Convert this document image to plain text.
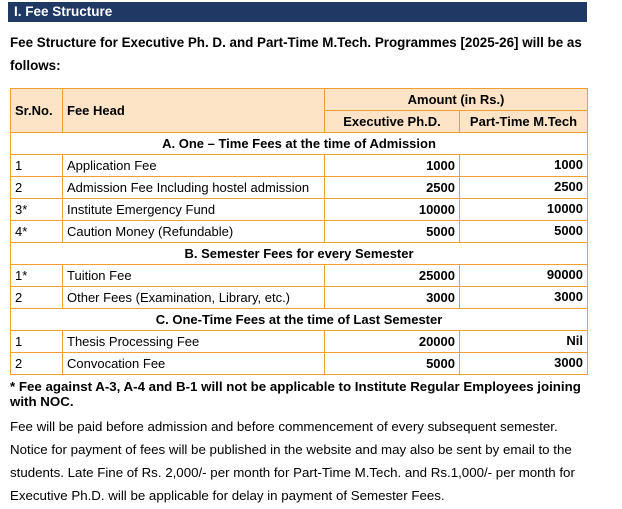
I. Fee Structure

Fee Structure for Executive Ph. D. and Part-Time M.Tech. Programmes [2025-26] will be as follows:

Sr.No.	Fee Head	Amount (in Rs.)	
		Executive Ph.D.	Part-Time M.Tech
A. One – Time Fees at the time of Admission			
1	Application Fee	1000	1000
2	Admission Fee Including hostel admission	2500	2500
3*	Institute Emergency Fund	10000	10000
4*	Caution Money (Refundable)	5000	5000
B. Semester Fees for every Semester			
1*	Tuition Fee	25000	90000
2	Other Fees (Examination, Library, etc.)	3000	3000
C. One-Time Fees at the time of Last Semester			
1	Thesis Processing Fee	20000	Nil
2	Convocation Fee	5000	3000

* Fee against A-3, A-4 and B-1 will not be applicable to Institute Regular Employees joining with NOC.

Fee will be paid before admission and before commencement of every subsequent semester. Notice for payment of fees will be published in the website and may also be sent by email to the students. Late Fine of Rs. 2,000/- per month for Part-Time M.Tech. and Rs.1,000/- per month for Executive Ph.D. will be applicable for delay in payment of Semester Fees.
